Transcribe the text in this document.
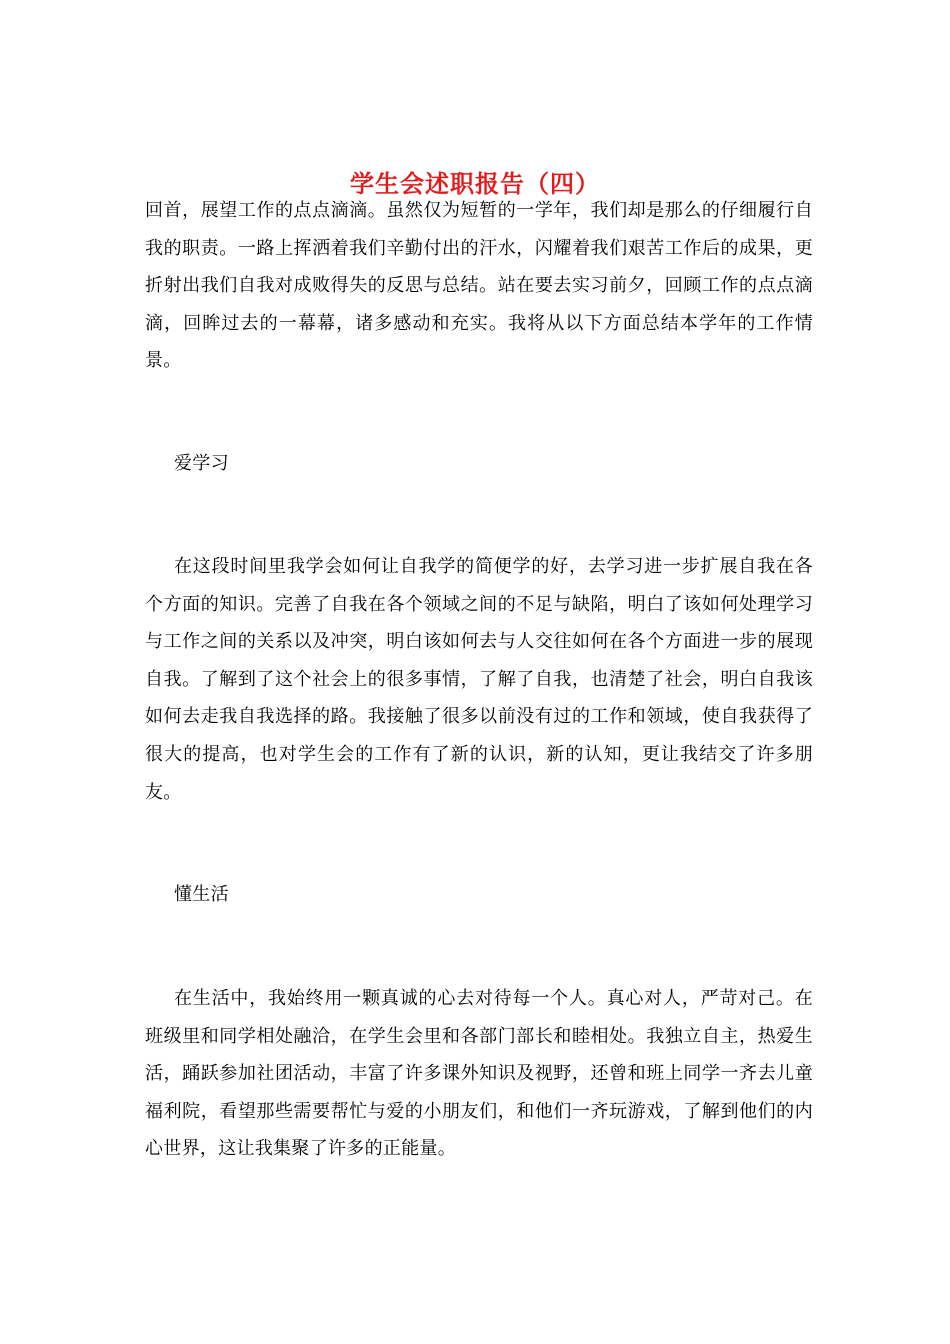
学生会述职报告（四）

回首，展望工作的点点滴滴。虽然仅为短暂的一学年，我们却是那么的仔细履行自我的职责。一路上挥洒着我们辛勤付出的汗水，闪耀着我们艰苦工作后的成果，更折射出我们自我对成败得失的反思与总结。站在要去实习前夕，回顾工作的点点滴滴，回眸过去的一幕幕，诸多感动和充实。我将从以下方面总结本学年的工作情景。

爱学习

在这段时间里我学会如何让自我学的简便学的好，去学习进一步扩展自我在各个方面的知识。完善了自我在各个领域之间的不足与缺陷，明白了该如何处理学习与工作之间的关系以及冲突，明白该如何去与人交往如何在各个方面进一步的展现自我。了解到了这个社会上的很多事情，了解了自我，也清楚了社会，明白自我该如何去走我自我选择的路。我接触了很多以前没有过的工作和领域，使自我获得了很大的提高，也对学生会的工作有了新的认识，新的认知，更让我结交了许多朋友。

懂生活

在生活中，我始终用一颗真诚的心去对待每一个人。真心对人，严苛对己。在班级里和同学相处融洽，在学生会里和各部门部长和睦相处。我独立自主，热爱生活，踊跃参加社团活动，丰富了许多课外知识及视野，还曾和班上同学一齐去儿童福利院，看望那些需要帮忙与爱的小朋友们，和他们一齐玩游戏，了解到他们的内心世界，这让我集聚了许多的正能量。
